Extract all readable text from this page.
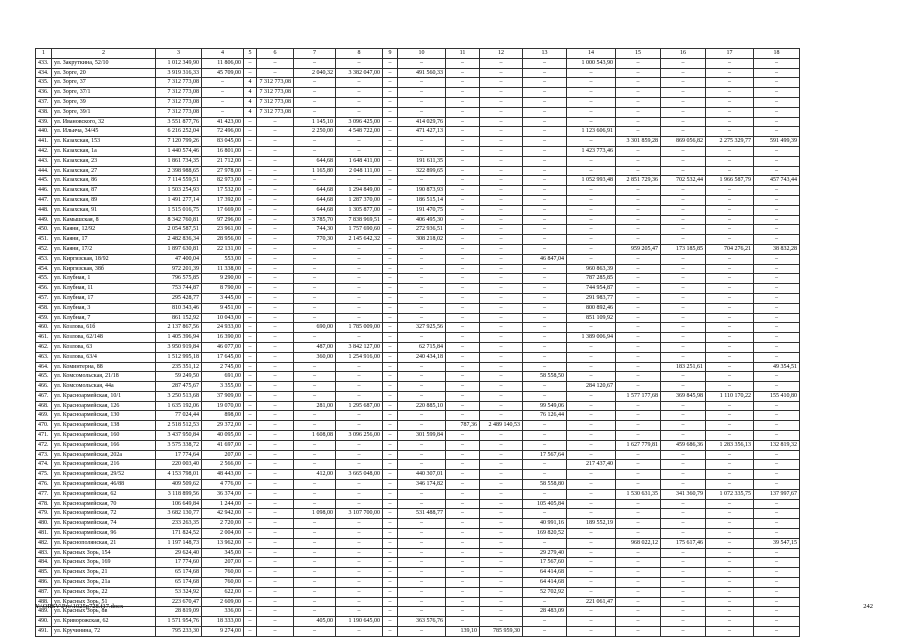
1	2	3	4	5	6	7	8	9	10	11	12	13	14	15	16	17	18
433.	ул. Закруткина, 52/10	1 012 349,90	11 806,00	–	–	–	–	–	–	–	–	–	1 000 543,90	–	–	–	–
434.	ул. Зорге, 20	3 919 316,33	45 709,00	–	–	2 040,32	3 382 047,00	–	491 560,33	–	–	–	–	–	–	–	–
435.	ул. Зорге, 37	7 312 773,08	–	4	7 312 773,08	–	–	–	–	–	–	–	–	–	–	–	–
436.	ул. Зорге, 37/1	7 312 773,08	–	4	7 312 773,08	–	–	–	–	–	–	–	–	–	–	–	–
437.	ул. Зорге, 39	7 312 773,08	–	4	7 312 773,08	–	–	–	–	–	–	–	–	–	–	–	–
438.	ул. Зорге, 39/1	7 312 773,08	–	4	7 312 773,08	–	–	–	–	–	–	–	–	–	–	–	–
439.	ул. Ивановского, 32	3 551 877,76	41 423,00	–	–	1 145,10	3 096 425,00	–	414 029,76	–	–	–	–	–	–	–	–
440.	ул. Ильича, 34/45	6 216 252,04	72 496,00	–	–	2 250,00	4 548 722,00	–	471 427,13	–	–	–	1 123 606,91	–	–	–	–
441.	ул. Казахская, 153	7 120 799,26	83 045,00	–	–	–	–	–	–	–	–	–	–	3 301 859,28	869 056,82	2 275 329,77	591 499,39
442.	ул. Казахская, 1а	1 440 574,46	16 801,00	–	–	–	–	–	–	–	–	–	1 423 773,46	–	–	–	–
443.	ул. Казахская, 23	1 861 734,35	21 712,00	–	–	644,68	1 648 411,00	–	191 611,35	–	–	–	–	–	–	–	–
444.	ул. Казахская, 27	2 398 988,65	27 978,00	–	–	1 165,80	2 048 111,00	–	322 899,65	–	–	–	–	–	–	–	–
445.	ул. Казахская, 86	7 114 559,51	82 973,00	–	–	–	–	–	–	–	–	–	1 052 993,48	2 851 729,36	702 532,44	1 966 587,79	457 743,44
446.	ул. Казахская, 87	1 503 254,93	17 532,00	–	–	644,68	1 294 849,00	–	190 873,93	–	–	–	–	–	–	–	–
447.	ул. Казахская, 89	1 491 277,14	17 392,00	–	–	644,68	1 287 370,00	–	186 515,14	–	–	–	–	–	–	–	–
448.	ул. Казахская, 91	1 515 016,75	17 669,00	–	–	644,68	1 305 877,00	–	191 470,75	–	–	–	–	–	–	–	–
449.	ул. Камышская, 8	8 342 760,81	97 296,00	–	–	3 785,70	7 838 969,51	–	406 495,30	–	–	–	–	–	–	–	–
450.	ул. Каяни, 12/92	2 054 587,51	23 961,00	–	–	744,30	1 757 690,60	–	272 936,51	–	–	–	–	–	–	–	–
451.	ул. Каяни, 17	2 482 836,34	28 956,00	–	–	770,30	2 145 642,32	–	308 218,02	–	–	–	–	–	–	–	–
452.	ул. Каяни, 17/2	1 897 630,81	22 131,00	–	–	–	–	–	–	–	–	–	–	959 205,47	173 185,85	704 276,21	38 832,28
453.	ул. Киргизская, 18/92	47 400,04	553,00	–	–	–	–	–	–	–	–	46 847,04	–	–	–	–	–
454.	ул. Киргизская, 38б	972 201,39	11 338,00	–	–	–	–	–	–	–	–	–	960 863,39	–	–	–	–
455.	ул. Клубная, 1	796 575,85	9 290,00	–	–	–	–	–	–	–	–	–	787 285,85	–	–	–	–
456.	ул. Клубная, 11	753 744,87	8 790,00	–	–	–	–	–	–	–	–	–	744 954,87	–	–	–	–
457.	ул. Клубная, 17	295 428,77	3 445,00	–	–	–	–	–	–	–	–	–	291 983,77	–	–	–	–
458.	ул. Клубная, 3	810 343,46	9 451,00	–	–	–	–	–	–	–	–	–	800 892,46	–	–	–	–
459.	ул. Клубная, 7	861 152,92	10 043,00	–	–	–	–	–	–	–	–	–	851 109,92	–	–	–	–
460.	ул. Козлова, 61б	2 137 867,56	24 933,00	–	–	690,00	1 785 009,00	–	327 925,56	–	–	–	–	–	–	–	–
461.	ул. Козлова, 62/148	1 405 396,94	16 390,00	–	–	–	–	–	–	–	–	–	1 389 006,94	–	–	–	–
462.	ул. Козлова, 63	3 950 919,84	46 077,00	–	–	487,00	3 842 127,00	–	62 715,84	–	–	–	–	–	–	–	–
463.	ул. Козлова, 63/4	1 512 995,18	17 645,00	–	–	360,00	1 254 916,00	–	240 434,18	–	–	–	–	–	–	–	–
464.	ул. Коминтерна, 88	235 351,12	2 745,00	–	–	–	–	–	–	–	–	–	–	–	183 251,61	–	49 354,51
465.	ул. Комсомольская, 21/18	59 249,50	691,00	–	–	–	–	–	–	–	–	58 558,50	–	–	–	–	–
466.	ул. Комсомольская, 44а	287 475,67	3 355,00	–	–	–	–	–	–	–	–	–	284 120,67	–	–	–	–
467.	ул. Красноармейская, 10/1	3 250 513,68	37 909,00	–	–	–	–	–	–	–	–	–	–	1 577 177,68	369 845,98	1 110 170,22	155 410,80
468.	ул. Красноармейская, 126	1 635 192,06	19 070,00	–	–	281,00	1 295 687,00	–	220 885,10	–	–	99 549,06	–	–	–	–	–
469.	ул. Красноармейская, 130	77 024,44	898,00	–	–	–	–	–	–	–	–	76 126,44	–	–	–	–	–
470.	ул. Красноармейская, 138	2 518 512,53	29 372,00	–	–	–	–	–	–	787,36	2 489 140,53	–	–	–	–	–	–
471.	ул. Красноармейская, 160	3 437 950,84	40 095,00	–	–	1 608,08	3 096 256,00	–	301 599,84	–	–	–	–	–	–	–	–
472.	ул. Красноармейская, 166	3 575 338,72	41 697,00	–	–	–	–	–	–	–	–	–	–	1 627 779,81	459 686,36	1 283 356,13	132 819,32
473.	ул. Красноармейская, 202а	17 774,64	207,00	–	–	–	–	–	–	–	–	17 567,64	–	–	–	–	–
474.	ул. Красноармейская, 216	220 003,40	2 566,00	–	–	–	–	–	–	–	–	–	217 437,40	–	–	–	–
475.	ул. Красноармейская, 29/52	4 153 798,01	48 443,00	–	–	412,00	3 665 048,00	–	440 307,01	–	–	–	–	–	–	–	–
476.	ул. Красноармейская, 46/88	409 509,62	4 776,00	–	–	–	–	–	346 174,82	–	–	58 558,80	–	–	–	–	–
477.	ул. Красноармейская, 62	3 118 899,56	36 374,00	–	–	–	–	–	–	–	–	–	–	1 530 631,35	341 360,79	1 072 335,75	137 997,67
478.	ул. Красноармейская, 70	106 649,84	1 244,00	–	–	–	–	–	–	–	–	105 405,84	–	–	–	–	–
479.	ул. Красноармейская, 72	3 682 130,77	42 942,00	–	–	1 098,00	3 107 700,00	–	531 488,77	–	–	–	–	–	–	–	–
480.	ул. Красноармейская, 74	233 263,35	2 720,00	–	–	–	–	–	–	–	–	40 991,16	189 552,19	–	–	–	–
481.	ул. Красноармейская, 96	171 824,52	2 004,00	–	–	–	–	–	–	–	–	169 820,52	–	–	–	–	–
482.	ул. Краснополянская, 21	1 197 148,73	13 962,00	–	–	–	–	–	–	–	–	–	–	968 022,12	175 617,46	–	39 547,15
483.	ул. Красных Зорь, 154	29 624,40	345,00	–	–	–	–	–	–	–	–	29 279,40	–	–	–	–	–
484.	ул. Красных Зорь, 169	17 774,60	207,00	–	–	–	–	–	–	–	–	17 567,60	–	–	–	–	–
485.	ул. Красных Зорь, 21	65 174,68	760,00	–	–	–	–	–	–	–	–	64 414,68	–	–	–	–	–
486.	ул. Красных Зорь, 21а	65 174,68	760,00	–	–	–	–	–	–	–	–	64 414,68	–	–	–	–	–
487.	ул. Красных Зорь, 22	53 324,92	622,00	–	–	–	–	–	–	–	–	52 702,92	–	–	–	–	–
488.	ул. Красных Зорь, 51	223 670,47	2 609,00	–	–	–	–	–	–	–	–	–	221 061,47	–	–	–	–
489.	ул. Красных Зорь, 8в	28 819,09	336,00	–	–	–	–	–	–	–	–	28 483,09	–	–	–	–	–
490.	ул. Криворожская, 62	1 571 954,76	18 333,00	–	–	405,00	1 190 645,00	–	363 576,76	–	–	–	–	–	–	–	–
491.	ул. Кручинина, 72	795 233,30	9 274,00	–	–	–	–	–	–	139,10	785 959,30	–	–	–	–	–	–
Y:\ORSV\Pro\1025p728.f17.docx	242
